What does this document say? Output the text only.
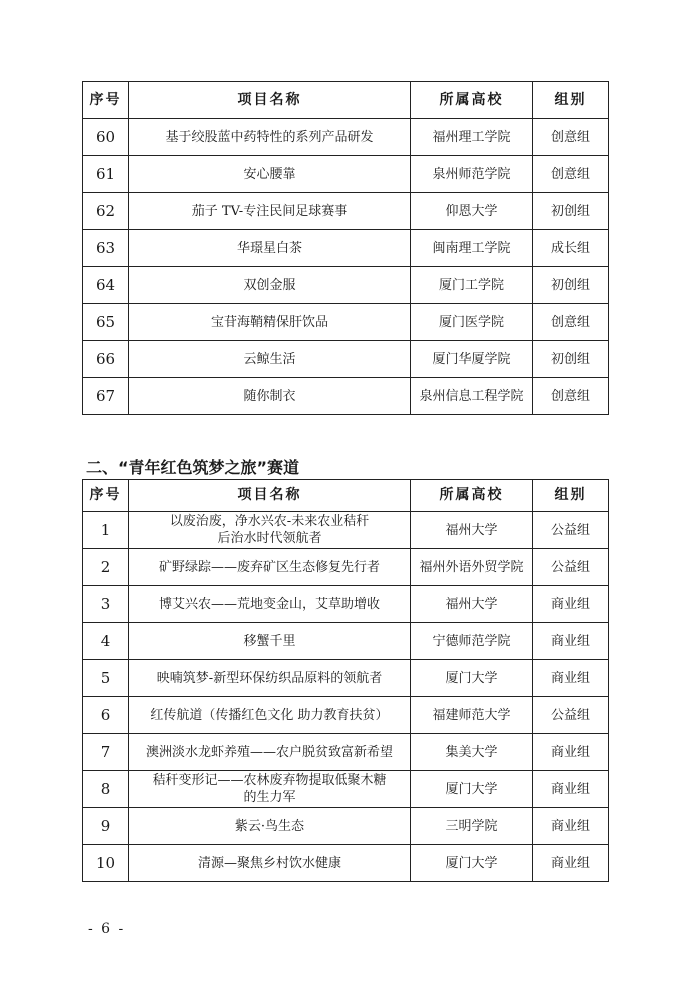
序号	项目名称	所属高校	组别
60	基于绞股蓝中药特性的系列产品研发	福州理工学院	创意组
61	安心腰靠	泉州师范学院	创意组
62	茄子 TV-专注民间足球赛事	仰恩大学	初创组
63	华璟星白茶	闽南理工学院	成长组
64	双创金服	厦门工学院	初创组
65	宝苷海鞘精保肝饮品	厦门医学院	创意组
66	云鲸生活	厦门华厦学院	初创组
67	随你制衣	泉州信息工程学院	创意组
二、“青年红色筑梦之旅”赛道
序号	项目名称	所属高校	组别
1	以废治废，净水兴农-未来农业秸秆
后治水时代领航者	福州大学	公益组
2	矿野绿踪——废弃矿区生态修复先行者	福州外语外贸学院	公益组
3	博艾兴农——荒地变金山，艾草助增收	福州大学	商业组
4	移蟹千里	宁德师范学院	商业组
5	映喃筑梦-新型环保纺织品原料的领航者	厦门大学	商业组
6	红传航道（传播红色文化 助力教育扶贫）	福建师范大学	公益组
7	澳洲淡水龙虾养殖——农户脱贫致富新希望	集美大学	商业组
8	秸秆变形记——农林废弃物提取低聚木糖
的生力军	厦门大学	商业组
9	紫云·鸟生态	三明学院	商业组
10	清源—聚焦乡村饮水健康	厦门大学	商业组
- 6 -
